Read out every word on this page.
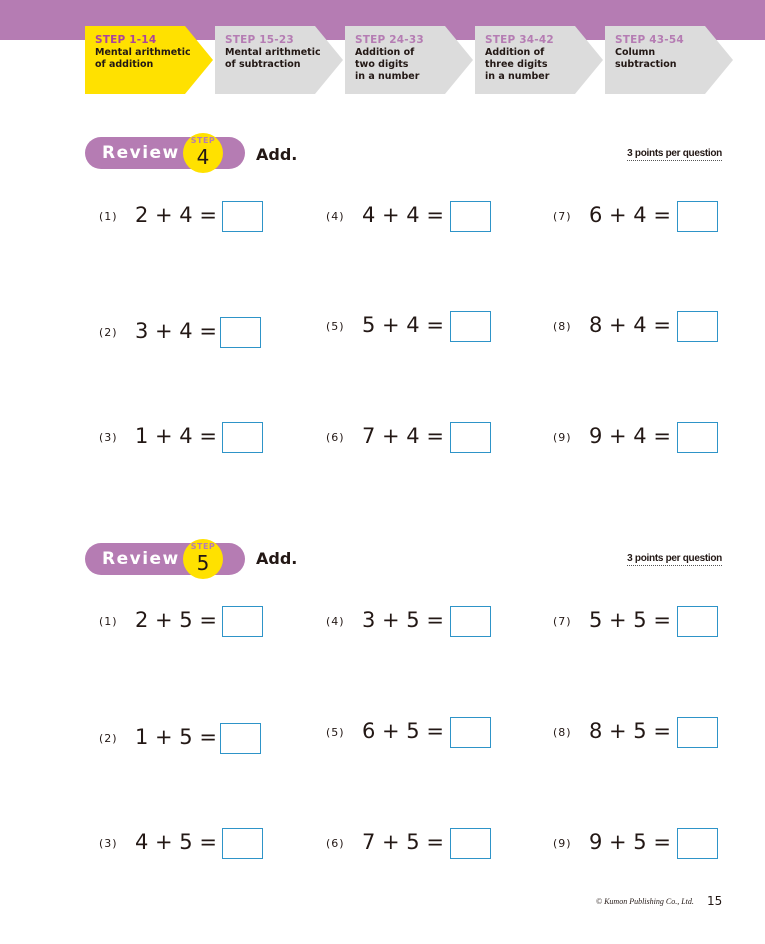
STEP 1-14
Mental arithmetic
of addition
STEP 15-23
Mental arithmetic
of subtraction
STEP 24-33
Addition of
two digits
in a number
STEP 34-42
Addition of
three digits
in a number
STEP 43-54
Column
subtraction
Review
STEP
4	Add.	3 points per question
(1) 2 + 4 =
(2) 3 + 4 =
(3) 1 + 4 =
(4) 4 + 4 =
(5) 5 + 4 =
(6) 7 + 4 =
(7) 6 + 4 =
(8) 8 + 4 =
(9) 9 + 4 =
Review
STEP
5	Add.	3 points per question
(1) 2 + 5 =
(2) 1 + 5 =
(3) 4 + 5 =
(4) 3 + 5 =
(5) 6 + 5 =
(6) 7 + 5 =
(7) 5 + 5 =
(8) 8 + 5 =
(9) 9 + 5 =
© Kumon Publishing Co., Ltd. 15
